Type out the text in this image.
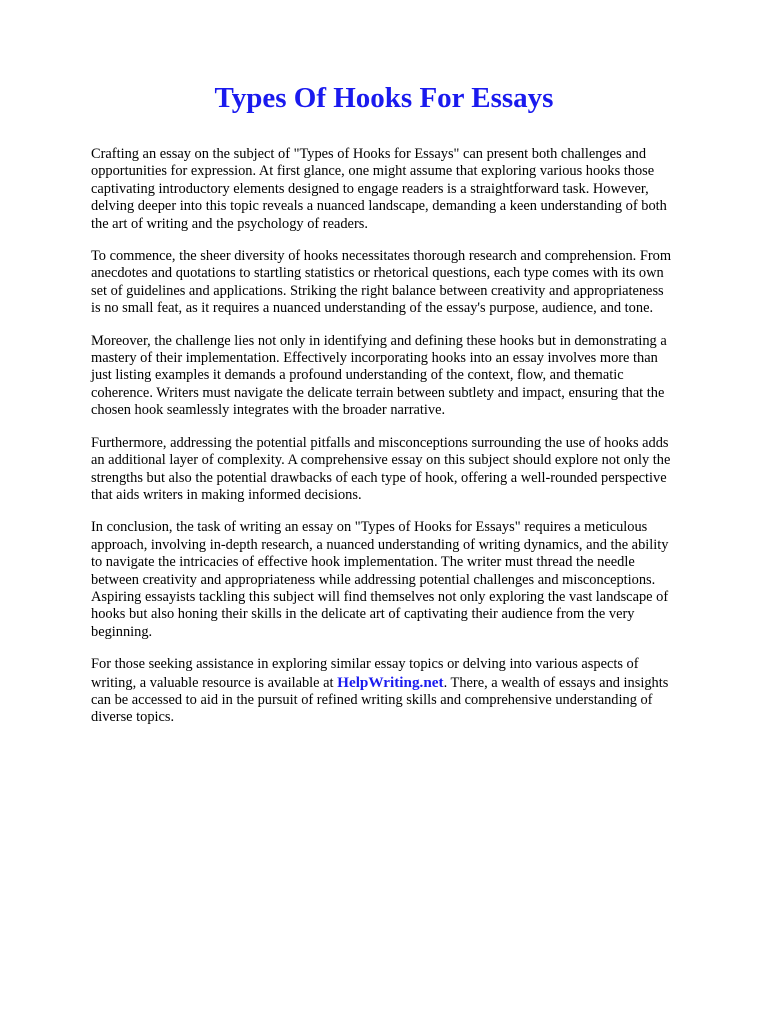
Types Of Hooks For Essays

Crafting an essay on the subject of "Types of Hooks for Essays" can present both challenges and
opportunities for expression. At first glance, one might assume that exploring various hooks those
captivating introductory elements designed to engage readers is a straightforward task. However,
delving deeper into this topic reveals a nuanced landscape, demanding a keen understanding of both
the art of writing and the psychology of readers.

To commence, the sheer diversity of hooks necessitates thorough research and comprehension. From
anecdotes and quotations to startling statistics or rhetorical questions, each type comes with its own
set of guidelines and applications. Striking the right balance between creativity and appropriateness
is no small feat, as it requires a nuanced understanding of the essay's purpose, audience, and tone.

Moreover, the challenge lies not only in identifying and defining these hooks but in demonstrating a
mastery of their implementation. Effectively incorporating hooks into an essay involves more than
just listing examples it demands a profound understanding of the context, flow, and thematic
coherence. Writers must navigate the delicate terrain between subtlety and impact, ensuring that the
chosen hook seamlessly integrates with the broader narrative.

Furthermore, addressing the potential pitfalls and misconceptions surrounding the use of hooks adds
an additional layer of complexity. A comprehensive essay on this subject should explore not only the
strengths but also the potential drawbacks of each type of hook, offering a well-rounded perspective
that aids writers in making informed decisions.

In conclusion, the task of writing an essay on "Types of Hooks for Essays" requires a meticulous
approach, involving in-depth research, a nuanced understanding of writing dynamics, and the ability
to navigate the intricacies of effective hook implementation. The writer must thread the needle
between creativity and appropriateness while addressing potential challenges and misconceptions.
Aspiring essayists tackling this subject will find themselves not only exploring the vast landscape of
hooks but also honing their skills in the delicate art of captivating their audience from the very
beginning.

For those seeking assistance in exploring similar essay topics or delving into various aspects of
writing, a valuable resource is available at HelpWriting.net. There, a wealth of essays and insights
can be accessed to aid in the pursuit of refined writing skills and comprehensive understanding of
diverse topics.
